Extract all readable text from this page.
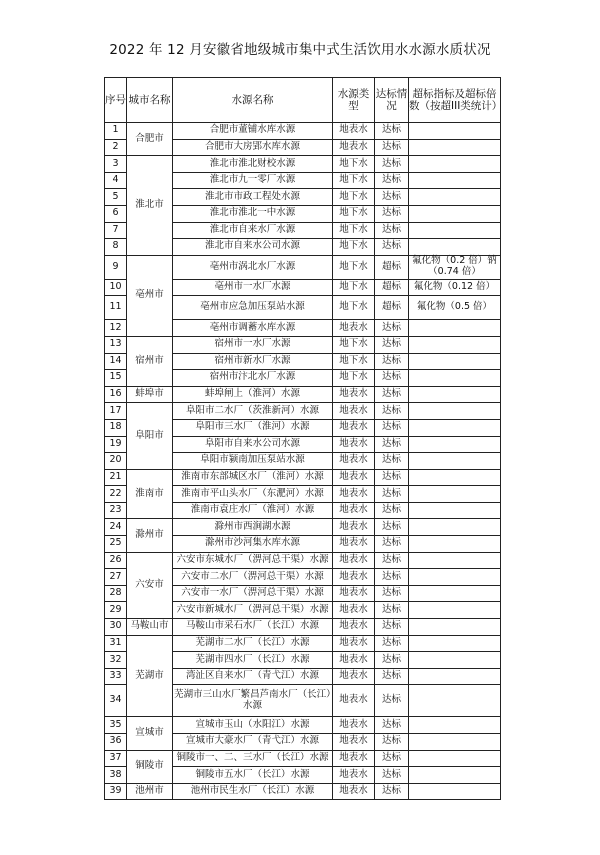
2022 年 12 月安徽省地级城市集中式生活饮用水水源水质状况
序号	城市名称	水源名称	水源类型	达标情况	超标指标及超标倍数（按超III类统计）
1	合肥市	合肥市董铺水库水源	地表水	达标	
2		合肥市大房郢水库水源	地表水	达标	
3	淮北市	淮北市淮北财校水源	地下水	达标	
4		淮北市九一零厂水源	地下水	达标	
5		淮北市市政工程处水源	地下水	达标	
6		淮北市淮北一中水源	地下水	达标	
7		淮北市自来水厂水源	地下水	达标	
8		淮北市自来水公司水源	地下水	达标	
9	亳州市	亳州市涡北水厂水源	地下水	超标	氟化物（0.2 倍）钠（0.74 倍）
10		亳州市一水厂水源	地下水	超标	氟化物（0.12 倍）
11		亳州市应急加压泵站水源	地下水	超标	氟化物（0.5 倍）
12		亳州市调蓄水库水源	地表水	达标	
13	宿州市	宿州市一水厂水源	地下水	达标	
14		宿州市新水厂水源	地下水	达标	
15		宿州市汴北水厂水源	地下水	达标	
16	蚌埠市	蚌埠闸上（淮河）水源	地表水	达标	
17	阜阳市	阜阳市二水厂（茨淮新河）水源	地表水	达标	
18		阜阳市三水厂（淮河）水源	地表水	达标	
19		阜阳市自来水公司水源	地表水	达标	
20		阜阳市颍南加压泵站水源	地表水	达标	
21	淮南市	淮南市东部城区水厂（淮河）水源	地表水	达标	
22		淮南市平山头水厂（东淝河）水源	地表水	达标	
23		淮南市袁庄水厂（淮河）水源	地表水	达标	
24	滁州市	滁州市西涧湖水源	地表水	达标	
25		滁州市沙河集水库水源	地表水	达标	
26	六安市	六安市东城水厂（淠河总干渠）水源	地表水	达标	
27		六安市二水厂（淠河总干渠）水源	地表水	达标	
28		六安市一水厂（淠河总干渠）水源	地表水	达标	
29		六安市新城水厂（淠河总干渠）水源	地表水	达标	
30	马鞍山市	马鞍山市采石水厂（长江）水源	地表水	达标	
31	芜湖市	芜湖市二水厂（长江）水源	地表水	达标	
32		芜湖市四水厂（长江）水源	地表水	达标	
33		湾沚区自来水厂（青弋江）水源	地表水	达标	
34		芜湖市三山水厂繁昌芦南水厂（长江）水源	地表水	达标	
35	宣城市	宣城市玉山（水阳江）水源	地表水	达标	
36		宣城市大豪水厂（青弋江）水源	地表水	达标	
37	铜陵市	铜陵市一、二、三水厂（长江）水源	地表水	达标	
38		铜陵市五水厂（长江）水源	地表水	达标	
39	池州市	池州市民生水厂（长江）水源	地表水	达标	
